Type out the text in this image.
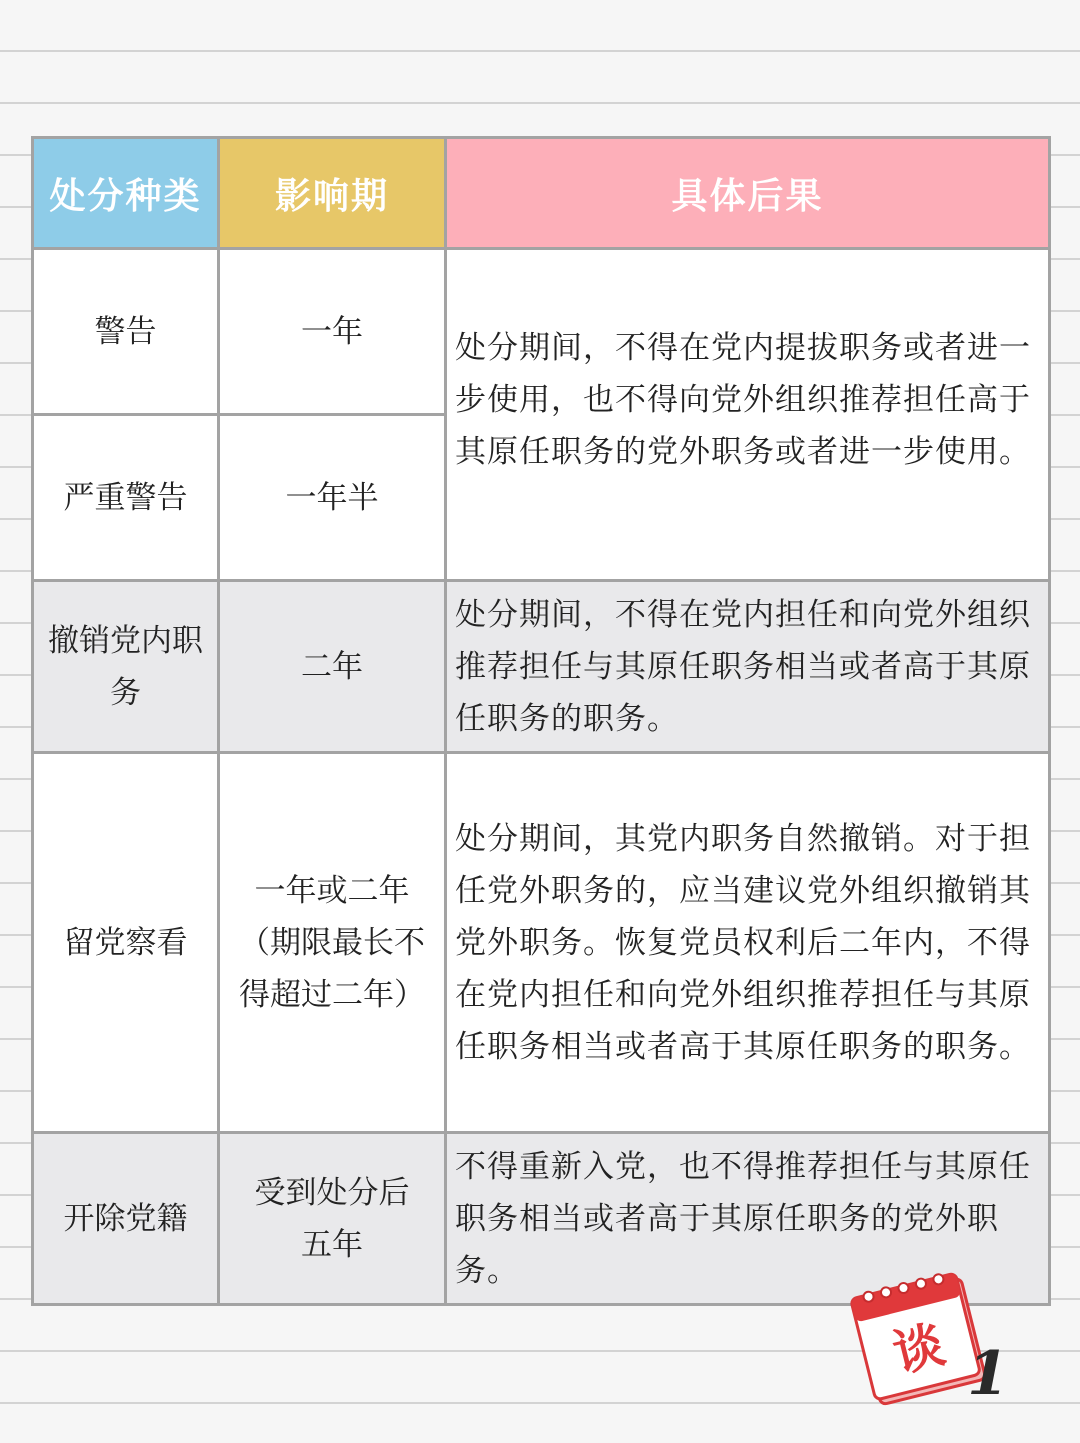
处分种类	影响期	具体后果
警告	一年	处分期间，不得在党内提拔职务或者进一步使用，也不得向党外组织推荐担任高于其原任职务的党外职务或者进一步使用。
严重警告	一年半	
撤销党内职务	二年	处分期间，不得在党内担任和向党外组织推荐担任与其原任职务相当或者高于其原任职务的职务。
留党察看	一年或二年（期限最长不得超过二年）	处分期间，其党内职务自然撤销。对于担任党外职务的，应当建议党外组织撤销其党外职务。恢复党员权利后二年内，不得在党内担任和向党外组织推荐担任与其原任职务相当或者高于其原任职务的职务。
开除党籍	受到处分后五年	不得重新入党，也不得推荐担任与其原任职务相当或者高于其原任职务的党外职务。
谈 1
